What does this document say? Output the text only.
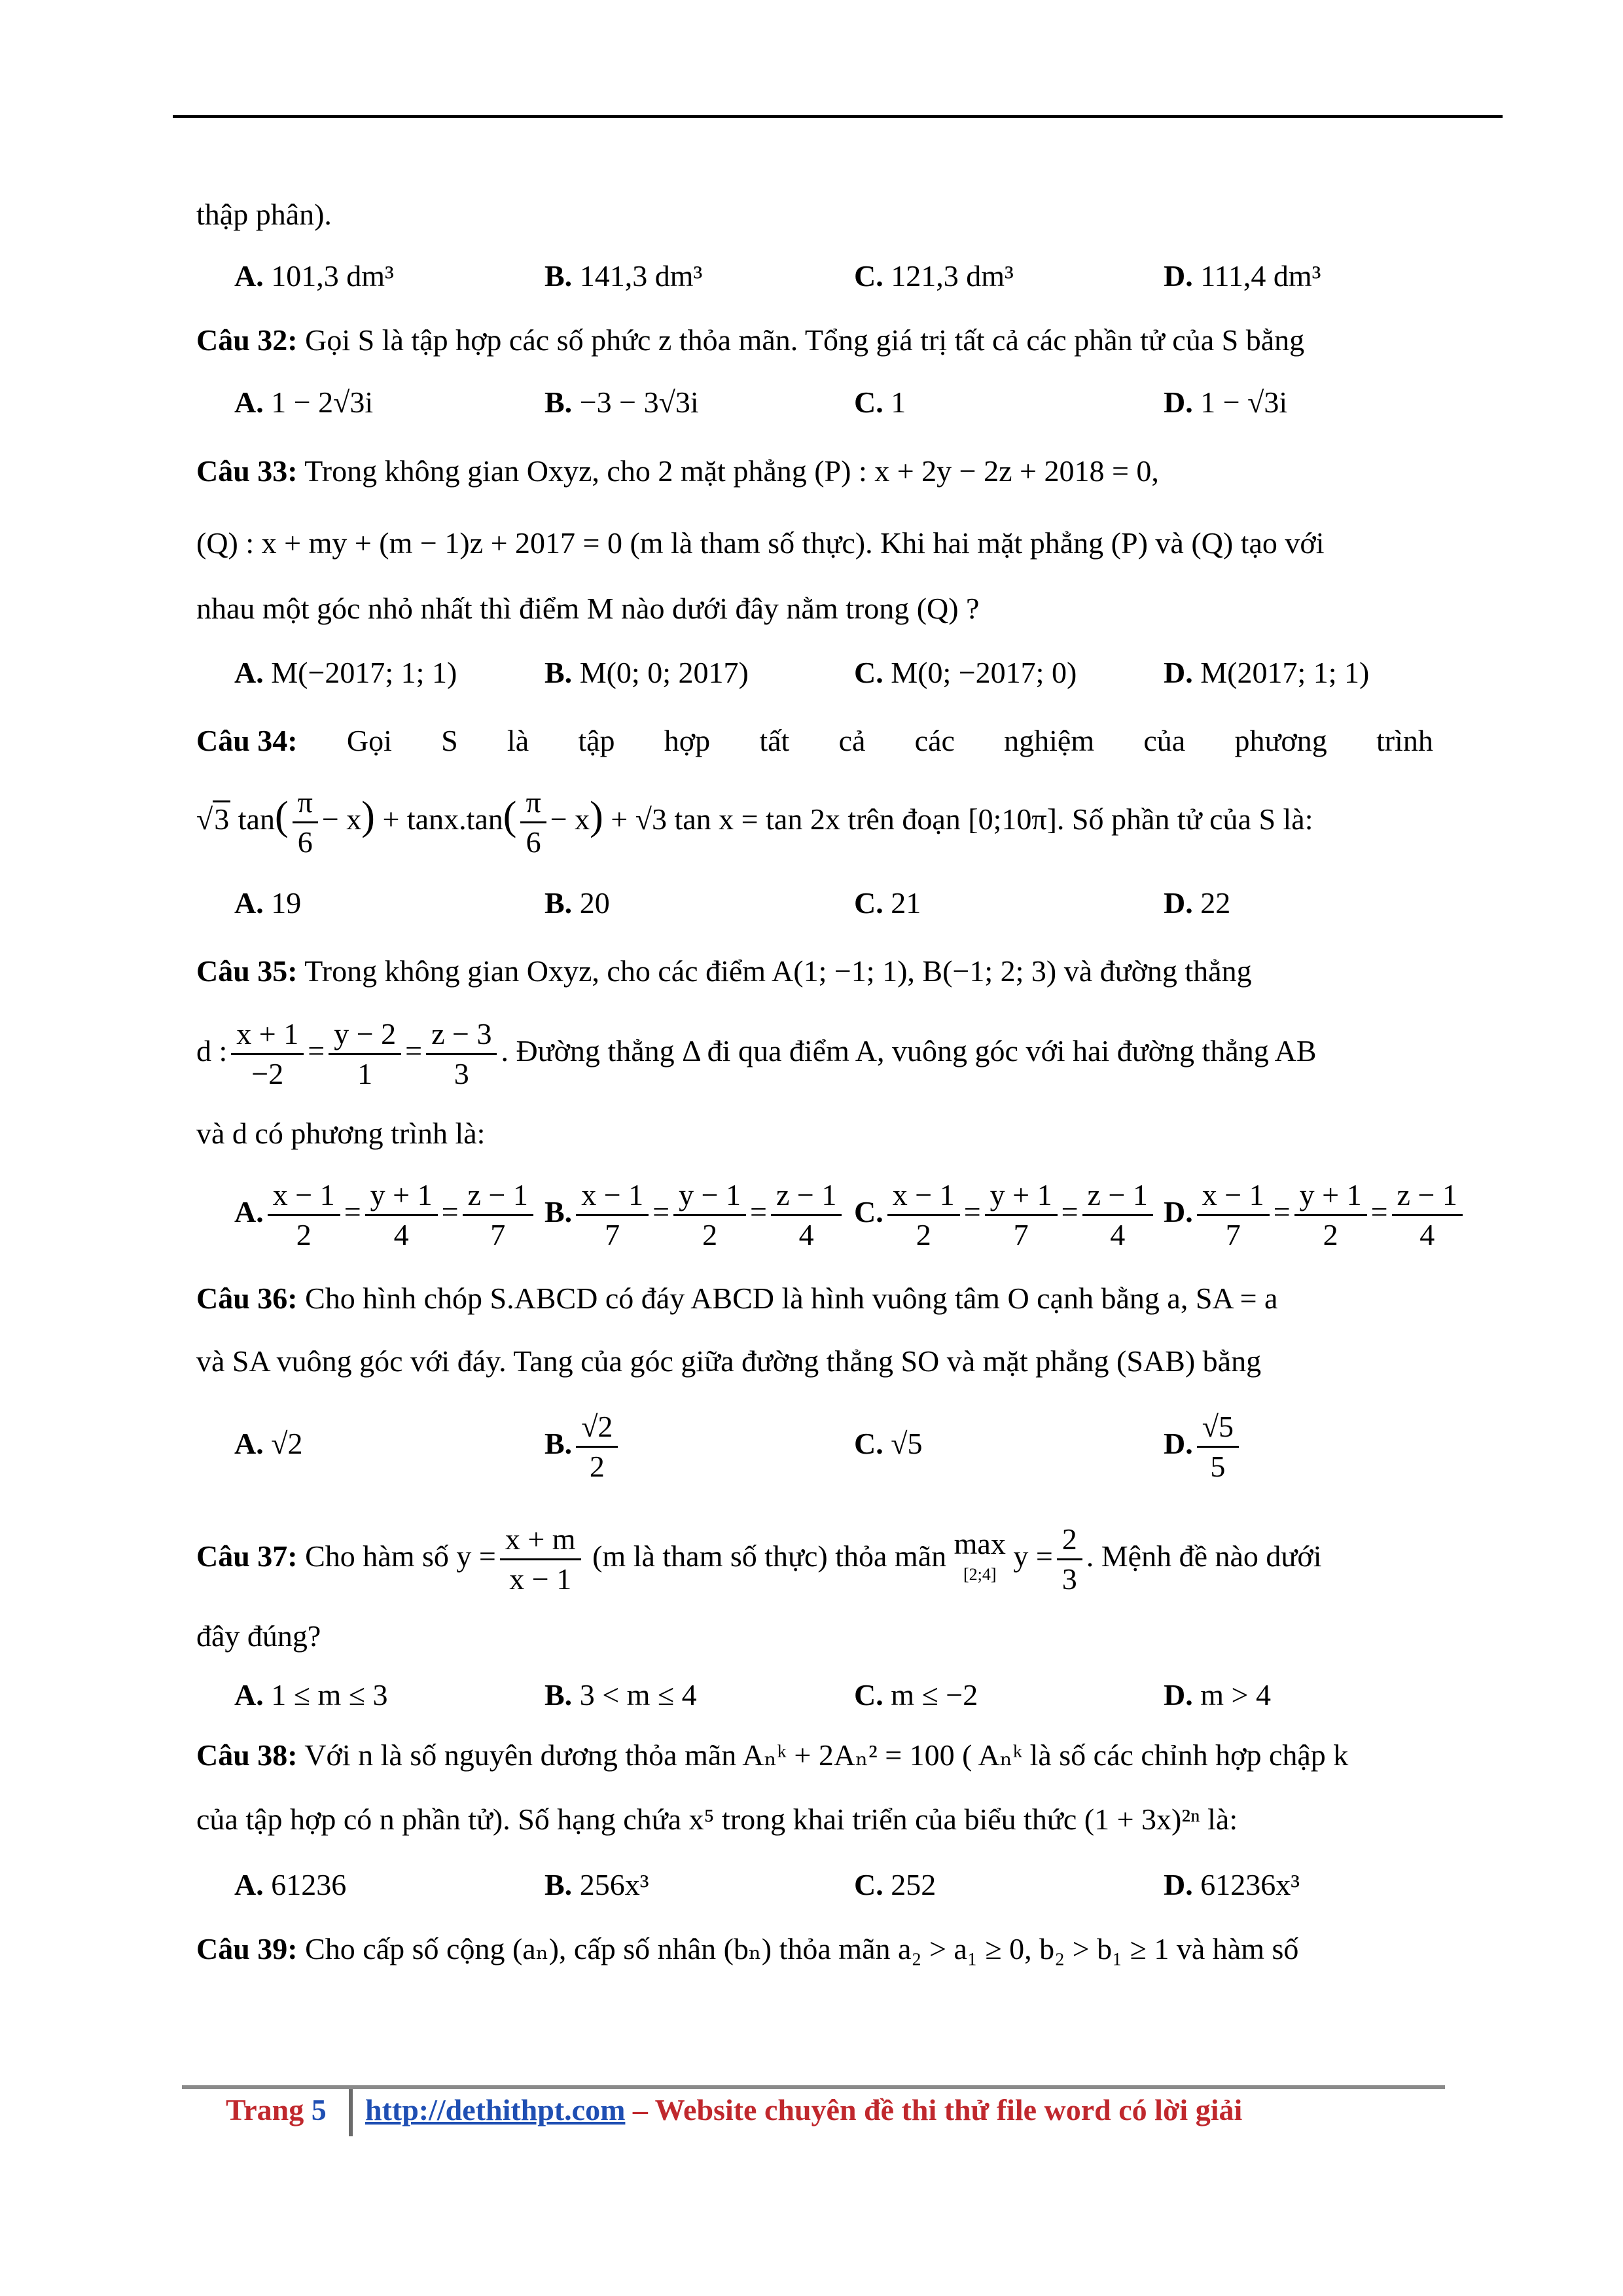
thập phân).
A. 101,3 dm³	B. 141,3 dm³	C. 121,3 dm³	D. 111,4 dm³
Câu 32: Gọi S là tập hợp các số phức z thỏa mãn. Tổng giá trị tất cả các phần tử của S bằng
A. 1 − 2√3i	B. −3 − 3√3i	C. 1	D. 1 − √3i
Câu 33: Trong không gian Oxyz, cho 2 mặt phẳng (P) : x + 2y − 2z + 2018 = 0,
(Q) : x + my + (m − 1)z + 2017 = 0 (m là tham số thực). Khi hai mặt phẳng (P) và (Q) tạo với
nhau một góc nhỏ nhất thì điểm M nào dưới đây nằm trong (Q) ?
A. M(−2017; 1; 1)	B. M(0; 0; 2017)	C. M(0; −2017; 0)	D. M(2017; 1; 1)
Câu 34: Gọi S là tập hợp tất cả các nghiệm của phương trình
√3 $\tan( \frac{\pi}{6} - x) + \tan x.\tan( \frac{\pi}{6} - x) + √3$ tan x = tan 2x trên đoạn [0;10π]. Số phần tử của S là:
A. 19	B. 20	C. 21	D. 22
Câu 35: Trong không gian Oxyz, cho các điểm A(1; −1; 1), B(−1; 2; 3) và đường thẳng
d : $\frac{x + 1}{-2} = \frac{y - 2}{1} = \frac{z - 3}{3}$ . Đường thẳng Δ đi qua điểm A, vuông góc với hai đường thẳng AB
và d có phương trình là:
A. $\frac{x - 1}{2} = \frac{y + 1}{4} = \frac{z - 1}{7} B$. $\frac{x - 1}{7} = \frac{y - 1}{2} = \frac{z - 1}{4} C$. $\frac{x - 1}{2} = \frac{y + 1}{7} = \frac{z - 1}{4} D$. $\frac{x - 1}{7} = \frac{y + 1}{2} = \frac{z - 1}{4}$
Câu 36: Cho hình chóp S.ABCD có đáy ABCD là hình vuông tâm O cạnh bằng a, SA = a
và SA vuông góc với đáy. Tang của góc giữa đường thẳng SO và mặt phẳng (SAB) bằng
A. √2	B. $\frac{√2}{2}$	C. √5	D. $\frac{√5}{5}$
Câu 37: Cho hàm số $y = \frac{x + m}{x - 1} (m$ là tham số thực) thỏa mãn max
[2;4] $y = \frac{2}{3}$ . Mệnh đề nào dưới
đây đúng?
A. 1 ≤ m ≤ 3	B. 3 < m ≤ 4	C. m ≤ −2	D. m > 4
Câu 38: Với n là số nguyên dương thỏa mãn Aₙᵏ + 2Aₙ² = 100 ( Aₙᵏ là số các chỉnh hợp chập k
của tập hợp có n phần tử). Số hạng chứa x⁵ trong khai triển của biểu thức (1 + 3x)²ⁿ là:
A. 61236	B. 256x³	C. 252	D. 61236x³
Câu 39: Cho cấp số cộng (aₙ), cấp số nhân (bₙ) thỏa mãn a₂ > a₁ ≥ 0, b₂ > b₁ ≥ 1 và hàm số
Trang 5 http://dethithpt.com – Website chuyên đề thi thử file word có lời giải
